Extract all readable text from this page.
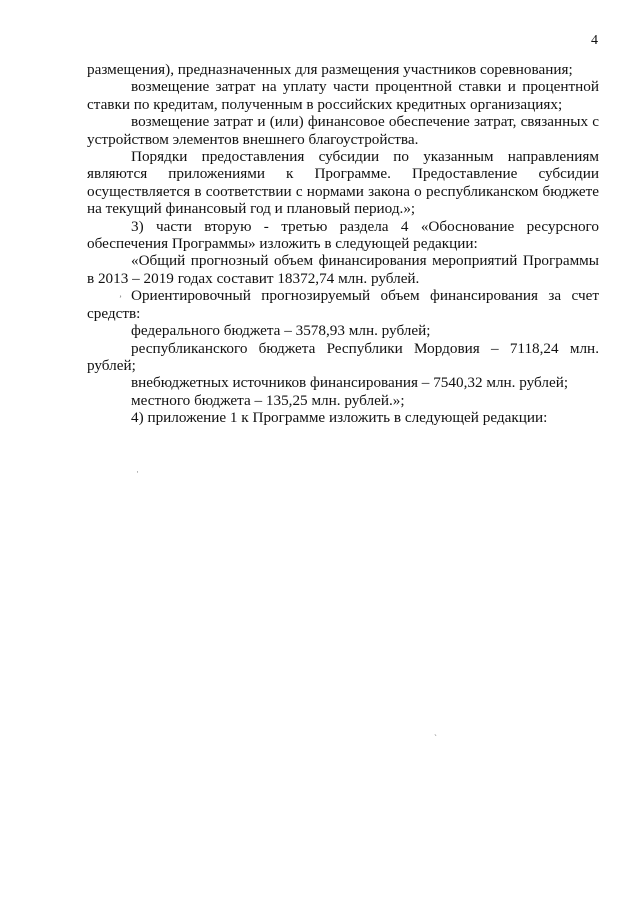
4

размещения), предназначенных для размещения участников соревнования;

возмещение затрат на уплату части процентной ставки и процентной ставки по кредитам, полученным в российских кредитных организациях;

возмещение затрат и (или) финансовое обеспечение затрат, связанных с устройством элементов внешнего благоустройства.

Порядки предоставления субсидии по указанным направлениям являются приложениями к Программе. Предоставление субсидии осуществляется в соответствии с нормами закона о республиканском бюджете на текущий финансовый год и плановый период.»;

3) части вторую - третью раздела 4 «Обоснование ресурсного обеспечения Программы» изложить в следующей редакции:

«Общий прогнозный объем финансирования мероприятий Программы в 2013 – 2019 годах составит 18372,74 млн. рублей.

Ориентировочный прогнозируемый объем финансирования за счет средств:

федерального бюджета – 3578,93 млн. рублей;

республиканского бюджета Республики Мордовия – 7118,24 млн. рублей;

внебюджетных источников финансирования – 7540,32 млн. рублей;

местного бюджета – 135,25 млн. рублей.»;

4) приложение 1 к Программе изложить в следующей редакции:

ʼ
·
ˏ
